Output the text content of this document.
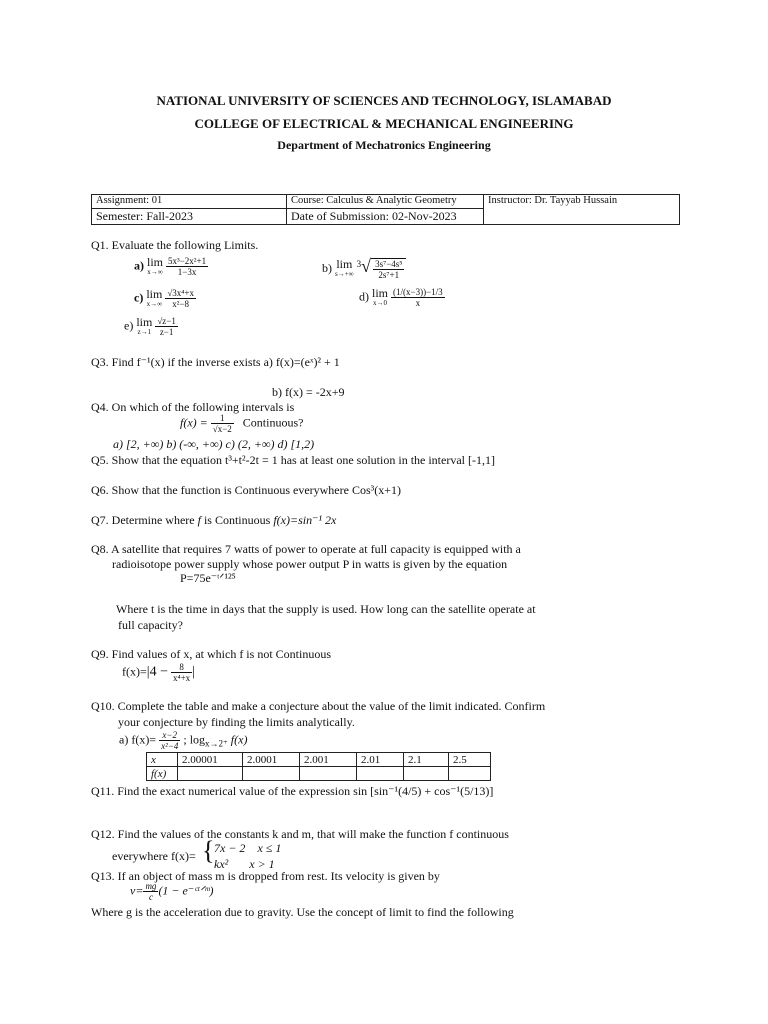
NATIONAL UNIVERSITY OF SCIENCES AND TECHNOLOGY, ISLAMABAD
COLLEGE OF ELECTRICAL & MECHANICAL ENGINEERING
Department of Mechatronics Engineering
Assignment: 01	Course: Calculus & Analytic Geometry	Instructor: Dr. Tayyab Hussain
Semester: Fall-2023	Date of Submission: 02-Nov-2023	
Q1. Evaluate the following Limits.
a) lim
x→∞
$\frac{\text{5x³−2x²+1}}{1-3x}$	b) lim
s→+∞
$^3√ \frac{\text{3s⁷−4s⁵}}{\text{2s⁷+1}}$
c) lim
x→∞
$\frac{\text{√3x⁴+x}}{\text{x²−8}}$	d) lim
x→0
$\frac{(1/(x-3))-1/3}{x}$
e) lim
z→1
$\frac{√z-1}{z-1}$
Q3. Find f⁻¹(x) if the inverse exists a) f(x)=(eˣ)² + 1
b) f(x) = -2x+9
Q4. On which of the following intervals is
$f(x) = \frac{1}{√x-2}$ Continuous?
a) [2, +∞) b) (-∞, +∞) c) (2, +∞) d) [1,2)
Q5. Show that the equation t³+t²-2t = 1 has at least one solution in the interval [-1,1]
Q6. Show that the function is Continuous everywhere Cos³(x+1)
Q7. Determine where f is Continuous f(x)=sin⁻¹ 2x
Q8. A satellite that requires 7 watts of power to operate at full capacity is equipped with a
radioisotope power supply whose power output P in watts is given by the equation
P=75e⁻ᵗᐟ¹²⁵
Where t is the time in days that the supply is used. How long can the satellite operate at
full capacity?
Q9. Find values of x, at which f is not Continuous
$f(x)=|4 - \frac{8}{\text{x⁴+x}}$ |
Q10. Complete the table and make a conjecture about the value of the limit indicated. Confirm
your conjecture by finding the limits analytically.
a) $f(x)= \frac{x-2}{\text{x²−4}}$ ; $\log_{x\to 2^+} f(x)$
x	2.00001	2.0001	2.001	2.01	2.1	2.5
f(x)						
Q11. Find the exact numerical value of the expression sin [sin⁻¹(4/5) + cos⁻¹(5/13)]
Q12. Find the values of the constants k and m, that will make the function f continuous
everywhere f(x)= { 7x − 2 x ≤ 1
kx² x > 1
Q13. If an object of mass m is dropped from rest. Its velocity is given by
$v= \frac{mg}{c} (1$ − e⁻ᶜᵗᐟᵐ)
Where g is the acceleration due to gravity. Use the concept of limit to find the following
